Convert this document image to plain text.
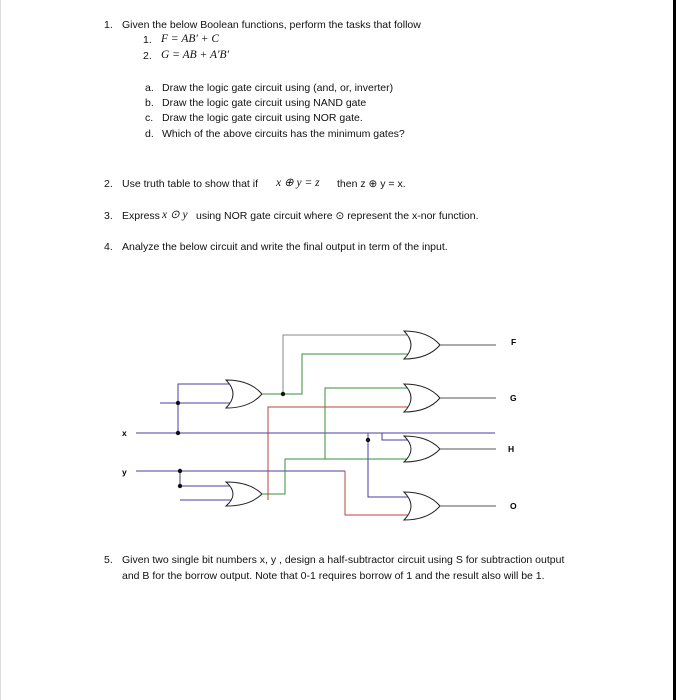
1. Given the below Boolean functions, perform the tasks that follow
1. F = AB′ + C
2. G = AB + A′B′
a. Draw the logic gate circuit using (and, or, inverter)
b. Draw the logic gate circuit using NAND gate
c. Draw the logic gate circuit using NOR gate.
d. Which of the above circuits has the minimum gates?
2. Use truth table to show that if x ⊕ y = z then z ⊕ y = x.
3. Express x ⊙ y using NOR gate circuit where ⊙ represent the x-nor function.
4. Analyze the below circuit and write the final output in term of the input.
x
y
F
G
H
O
5. Given two single bit numbers x, y , design a half-subtractor circuit using S for subtraction output
and B for the borrow output. Note that 0-1 requires borrow of 1 and the result also will be 1.
